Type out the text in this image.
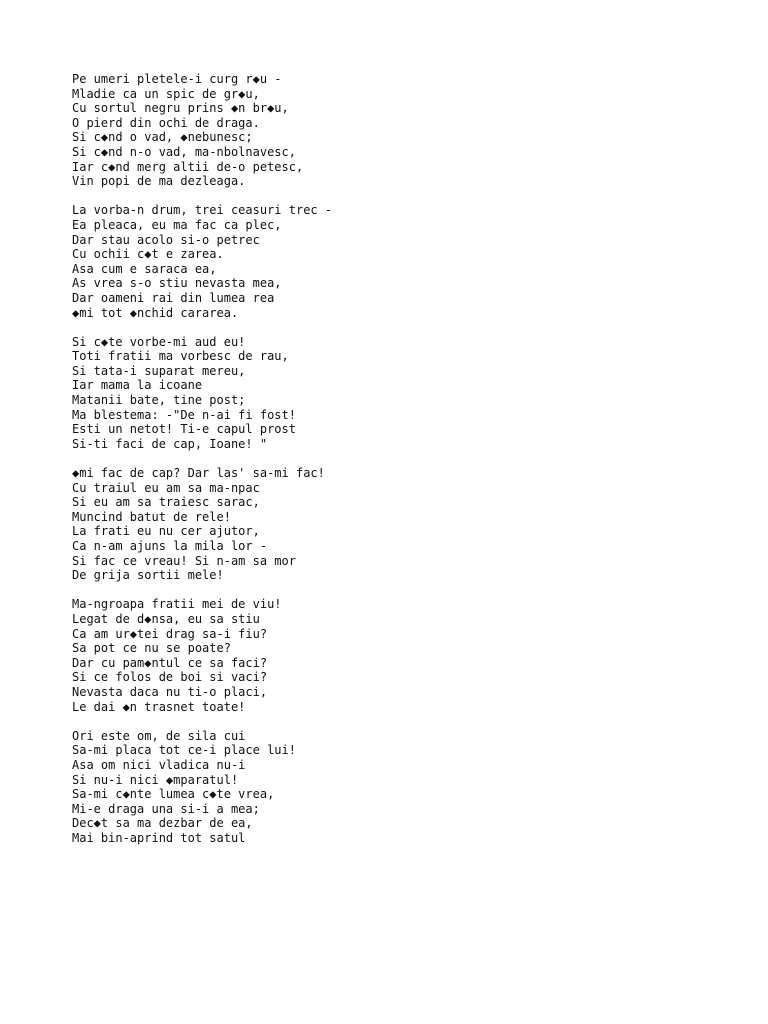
Pe umeri pletele-i curg r◆u -
Mladie ca un spic de gr◆u,
Cu sortul negru prins ◆n br◆u,
O pierd din ochi de draga.
Si c◆nd o vad, ◆nebunesc;
Si c◆nd n-o vad, ma-nbolnavesc,
Iar c◆nd merg altii de-o petesc,
Vin popi de ma dezleaga.
La vorba-n drum, trei ceasuri trec -
Ea pleaca, eu ma fac ca plec,
Dar stau acolo si-o petrec
Cu ochii c◆t e zarea.
Asa cum e saraca ea,
As vrea s-o stiu nevasta mea,
Dar oameni rai din lumea rea
◆mi tot ◆nchid cararea.
Si c◆te vorbe-mi aud eu!
Toti fratii ma vorbesc de rau,
Si tata-i suparat mereu,
Iar mama la icoane
Matanii bate, tine post;
Ma blestema: -"De n-ai fi fost!
Esti un netot! Ti-e capul prost
Si-ti faci de cap, Ioane! "
◆mi fac de cap? Dar las' sa-mi fac!
Cu traiul eu am sa ma-npac
Si eu am sa traiesc sarac,
Muncind batut de rele!
La frati eu nu cer ajutor,
Ca n-am ajuns la mila lor -
Si fac ce vreau! Si n-am sa mor
De grija sortii mele!
Ma-ngroapa fratii mei de viu!
Legat de d◆nsa, eu sa stiu
Ca am ur◆tei drag sa-i fiu?
Sa pot ce nu se poate?
Dar cu pam◆ntul ce sa faci?
Si ce folos de boi si vaci?
Nevasta daca nu ti-o placi,
Le dai ◆n trasnet toate!
Ori este om, de sila cui
Sa-mi placa tot ce-i place lui!
Asa om nici vladica nu-i
Si nu-i nici ◆mparatul!
Sa-mi c◆nte lumea c◆te vrea,
Mi-e draga una si-i a mea;
Dec◆t sa ma dezbar de ea,
Mai bin-aprind tot satul
